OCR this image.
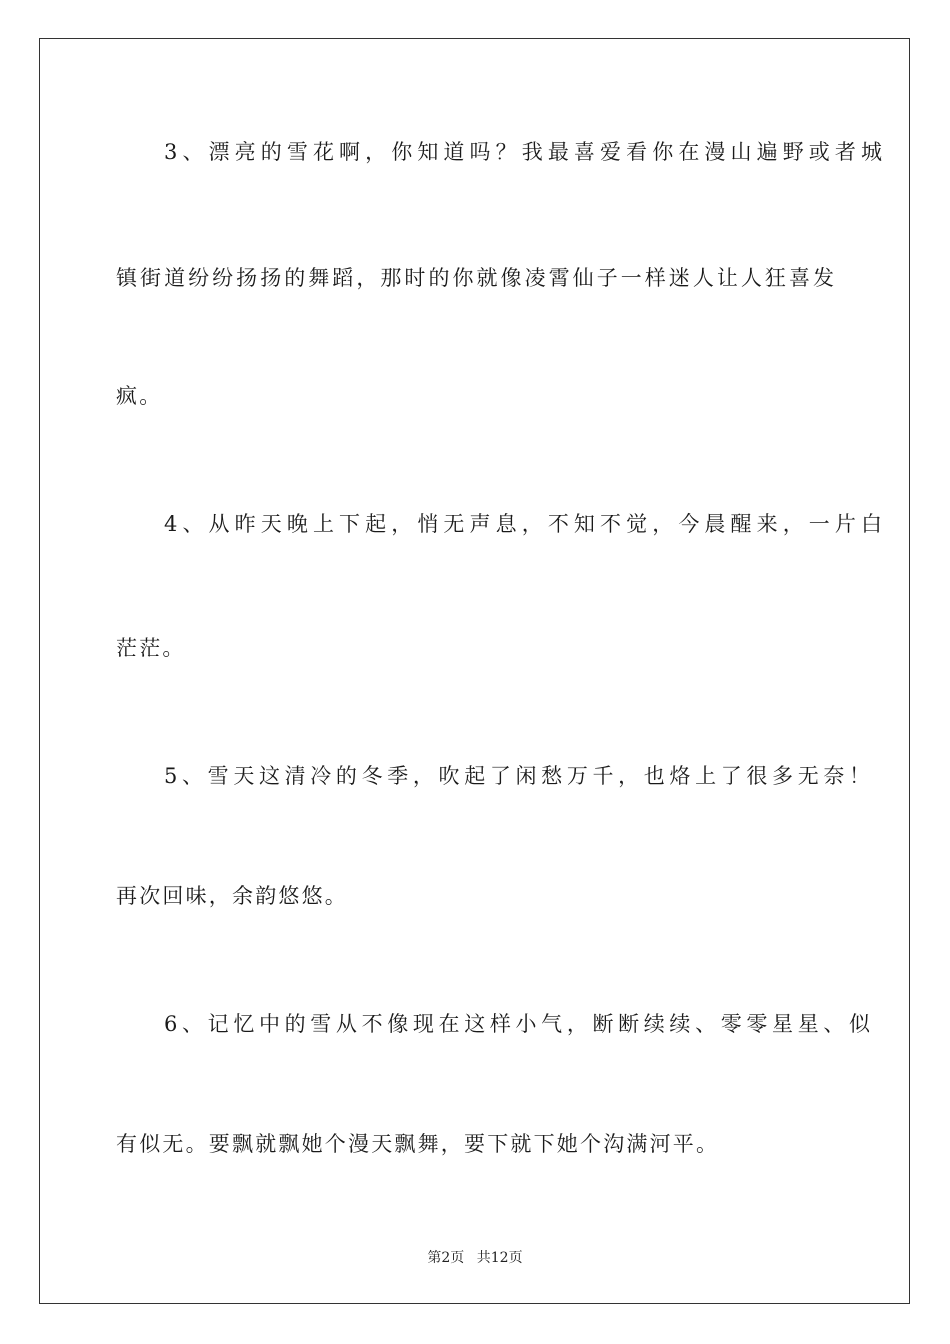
3、漂亮的雪花啊，你知道吗？我最喜爱看你在漫山遍野或者城
镇街道纷纷扬扬的舞蹈，那时的你就像凌霄仙子一样迷人让人狂喜发
疯。
4、从昨天晚上下起，悄无声息，不知不觉，今晨醒来，一片白
茫茫。
5、雪天这清冷的冬季，吹起了闲愁万千，也烙上了很多无奈！
再次回味，余韵悠悠。
6、记忆中的雪从不像现在这样小气，断断续续、零零星星、似
有似无。要飘就飘她个漫天飘舞，要下就下她个沟满河平。
第2页 共12页
